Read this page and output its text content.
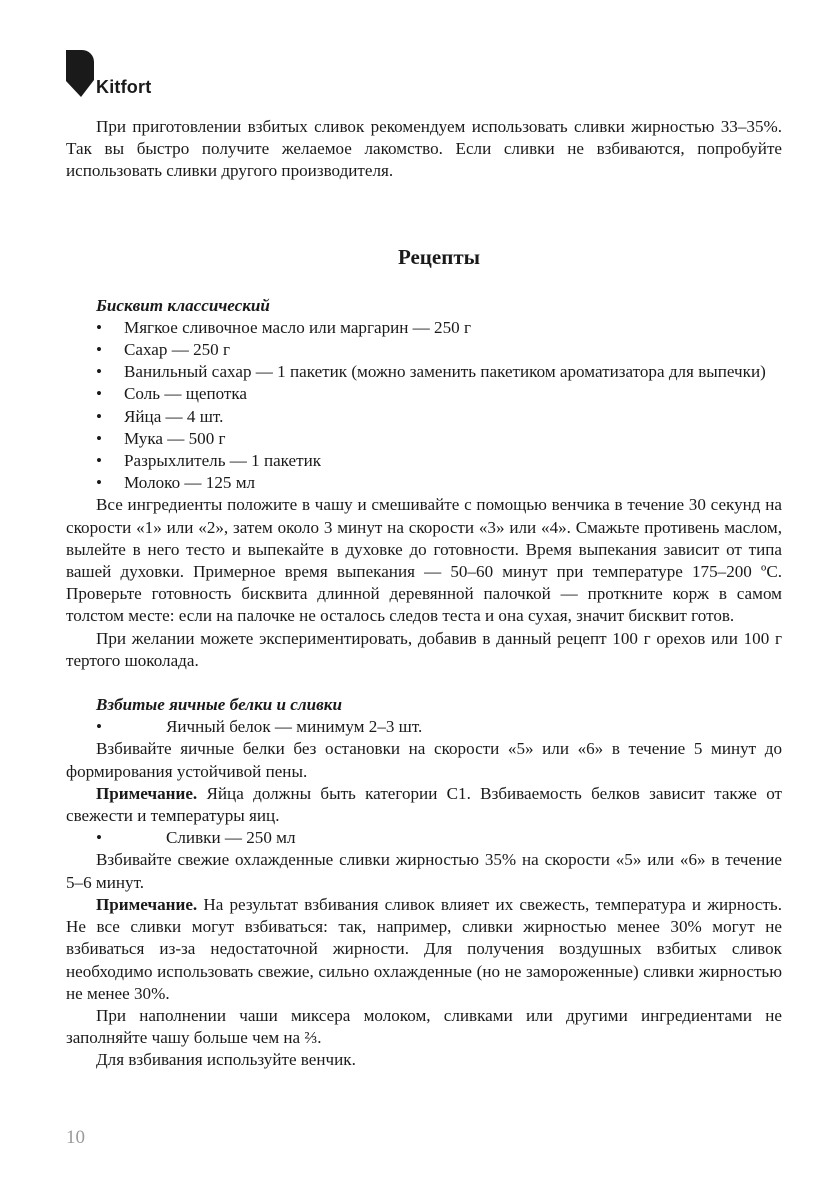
Kitfort

При приготовлении взбитых сливок рекомендуем использовать сливки жирностью 33–35%. Так вы быстро получите желаемое лакомство. Если сливки не взбиваются, попробуйте использовать сливки другого производителя.

Рецепты

Бисквит классический

• Мягкое сливочное масло или маргарин — 250 г
• Сахар — 250 г
• Ванильный сахар — 1 пакетик (можно заменить пакетиком ароматизатора для выпечки)
• Соль — щепотка
• Яйца — 4 шт.
• Мука — 500 г
• Разрыхлитель — 1 пакетик
• Молоко — 125 мл

Все ингредиенты положите в чашу и смешивайте с помощью венчика в течение 30 секунд на скорости «1» или «2», затем около 3 минут на скорости «3» или «4». Смажьте противень маслом, вылейте в него тесто и выпекайте в духовке до готовности. Время выпекания зависит от типа вашей духовки. Примерное время выпекания — 50–60 минут при температуре 175–200 ºС. Проверьте готовность бисквита длинной деревянной палочкой — проткните корж в самом толстом месте: если на палочке не осталось следов теста и она сухая, значит бисквит готов.

При желании можете экспериментировать, добавив в данный рецепт 100 г орехов или 100 г тертого шоколада.

Взбитые яичные белки и сливки

• Яичный белок — минимум 2–3 шт.

Взбивайте яичные белки без остановки на скорости «5» или «6» в течение 5 минут до формирования устойчивой пены.

Примечание. Яйца должны быть категории С1. Взбиваемость белков зависит также от свежести и температуры яиц.

• Сливки — 250 мл

Взбивайте свежие охлажденные сливки жирностью 35% на скорости «5» или «6» в течение 5–6 минут.

Примечание. На результат взбивания сливок влияет их свежесть, температура и жирность. Не все сливки могут взбиваться: так, например, сливки жирностью менее 30% могут не взбиваться из-за недостаточной жирности. Для получения воздушных взбитых сливок необходимо использовать свежие, сильно охлажденные (но не замороженные) сливки жирностью не менее 30%.

При наполнении чаши миксера молоком, сливками или другими ингредиентами не заполняйте чашу больше чем на ⅔.

Для взбивания используйте венчик.

10
